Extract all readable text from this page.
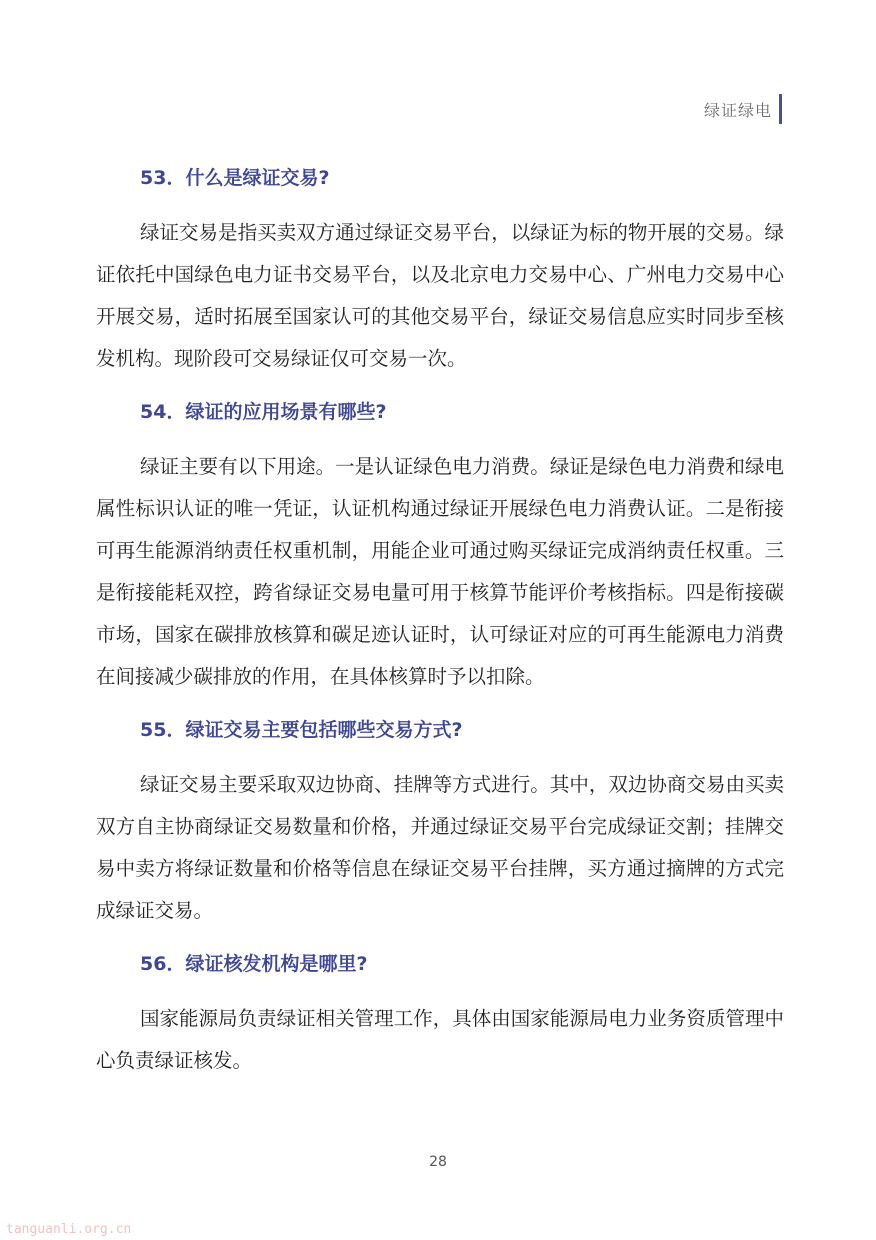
绿证绿电
53．什么是绿证交易?

绿证交易是指买卖双方通过绿证交易平台，以绿证为标的物开展的交易。绿证依托中国绿色电力证书交易平台，以及北京电力交易中心、广州电力交易中心开展交易，适时拓展至国家认可的其他交易平台，绿证交易信息应实时同步至核发机构。现阶段可交易绿证仅可交易一次。

54．绿证的应用场景有哪些?

绿证主要有以下用途。一是认证绿色电力消费。绿证是绿色电力消费和绿电属性标识认证的唯一凭证，认证机构通过绿证开展绿色电力消费认证。二是衔接可再生能源消纳责任权重机制，用能企业可通过购买绿证完成消纳责任权重。三是衔接能耗双控，跨省绿证交易电量可用于核算节能评价考核指标。四是衔接碳市场，国家在碳排放核算和碳足迹认证时，认可绿证对应的可再生能源电力消费在间接减少碳排放的作用，在具体核算时予以扣除。

55．绿证交易主要包括哪些交易方式?

绿证交易主要采取双边协商、挂牌等方式进行。其中，双边协商交易由买卖双方自主协商绿证交易数量和价格，并通过绿证交易平台完成绿证交割；挂牌交易中卖方将绿证数量和价格等信息在绿证交易平台挂牌，买方通过摘牌的方式完成绿证交易。

56．绿证核发机构是哪里?

国家能源局负责绿证相关管理工作，具体由国家能源局电力业务资质管理中心负责绿证核发。

28
tanguanli.org.cn
